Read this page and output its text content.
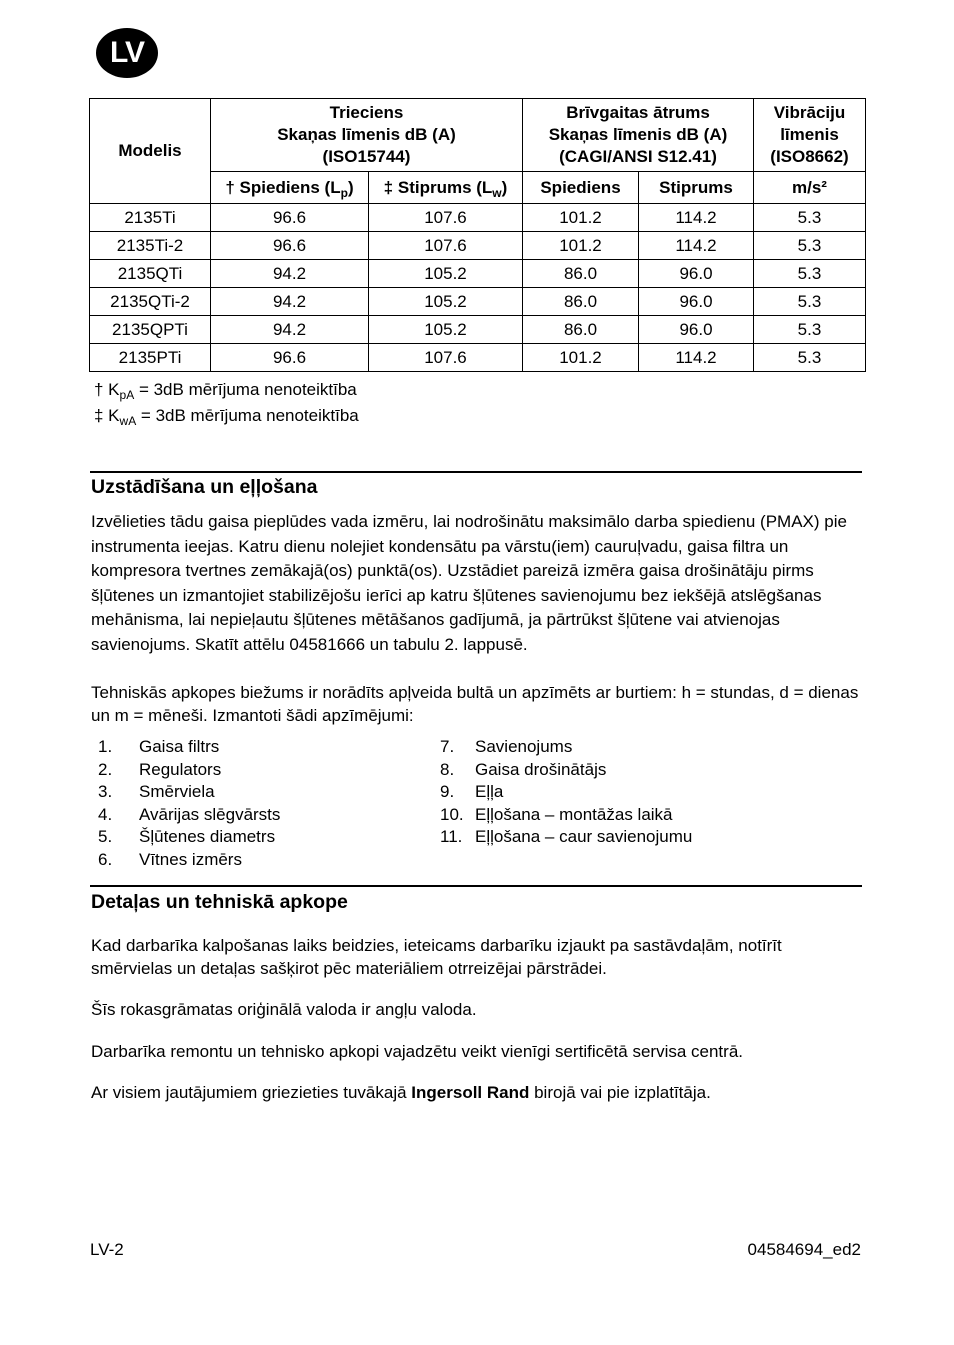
LV
Modelis	Trieciens
Skaņas līmenis dB (A)
(ISO15744)		Brīvgaitas ātrums
Skaņas līmenis dB (A)
(CAGI/ANSI S12.41)		Vibrāciju
līmenis
(ISO8662)
	† Spiediens $(L_p)$	‡ Stiprums $(L_w)$	Spiediens	Stiprums	m/s²
2135Ti	96.6	107.6	101.2	114.2	5.3
2135Ti-2	96.6	107.6	101.2	114.2	5.3
2135QTi	94.2	105.2	86.0	96.0	5.3
2135QTi-2	94.2	105.2	86.0	96.0	5.3
2135QPTi	94.2	105.2	86.0	96.0	5.3
2135PTi	96.6	107.6	101.2	114.2	5.3
† $K_{pA} = 3dB$ mērījuma nenoteiktība
‡ $K_{wA} = 3dB$ mērījuma nenoteiktība
Uzstādīšana un eļļošana

Izvēlieties tādu gaisa pieplūdes vada izmēru, lai nodrošinātu maksimālo darba spiedienu (PMAX) pie instrumenta ieejas. Katru dienu nolejiet kondensātu pa vārstu(iem) cauruļvadu, gaisa filtra un kompresora tvertnes zemākajā(os) punktā(os). Uzstādiet pareizā izmēra gaisa drošinātāju pirms šļūtenes un izmantojiet stabilizējošu ierīci ap katru šļūtenes savienojumu bez iekšējā atslēgšanas mehānisma, lai nepieļautu šļūtenes mētāšanos gadījumā, ja pārtrūkst šļūtene vai atvienojas savienojums. Skatīt attēlu 04581666 un tabulu 2. lappusē.

Tehniskās apkopes biežums ir norādīts apļveida bultā un apzīmēts ar burtiem: h = stundas, d = dienas un m = mēneši. Izmantoti šādi apzīmējumi:

1.	Gaisa filtrs
2.	Regulators
3.	Smērviela
4.	Avārijas slēgvārsts
5.	Šļūtenes diametrs
6.	Vītnes izmērs
7.	Savienojums
8.	Gaisa drošinātājs
9.	Eļļa
10. Eļļošana – montāžas laikā
11. Eļļošana – caur savienojumu
Detaļas un tehniskā apkope

Kad darbarīka kalpošanas laiks beidzies, ieteicams darbarīku izjaukt pa sastāvdaļām, notīrīt smērvielas un detaļas sašķirot pēc materiāliem otrreizējai pārstrādei.

Šīs rokasgrāmatas oriģinālā valoda ir angļu valoda.

Darbarīka remontu un tehnisko apkopi vajadzētu veikt vienīgi sertificētā servisa centrā.

Ar visiem jautājumiem griezieties tuvākajā Ingersoll Rand birojā vai pie izplatītāja.

LV-2	04584694_ed2
